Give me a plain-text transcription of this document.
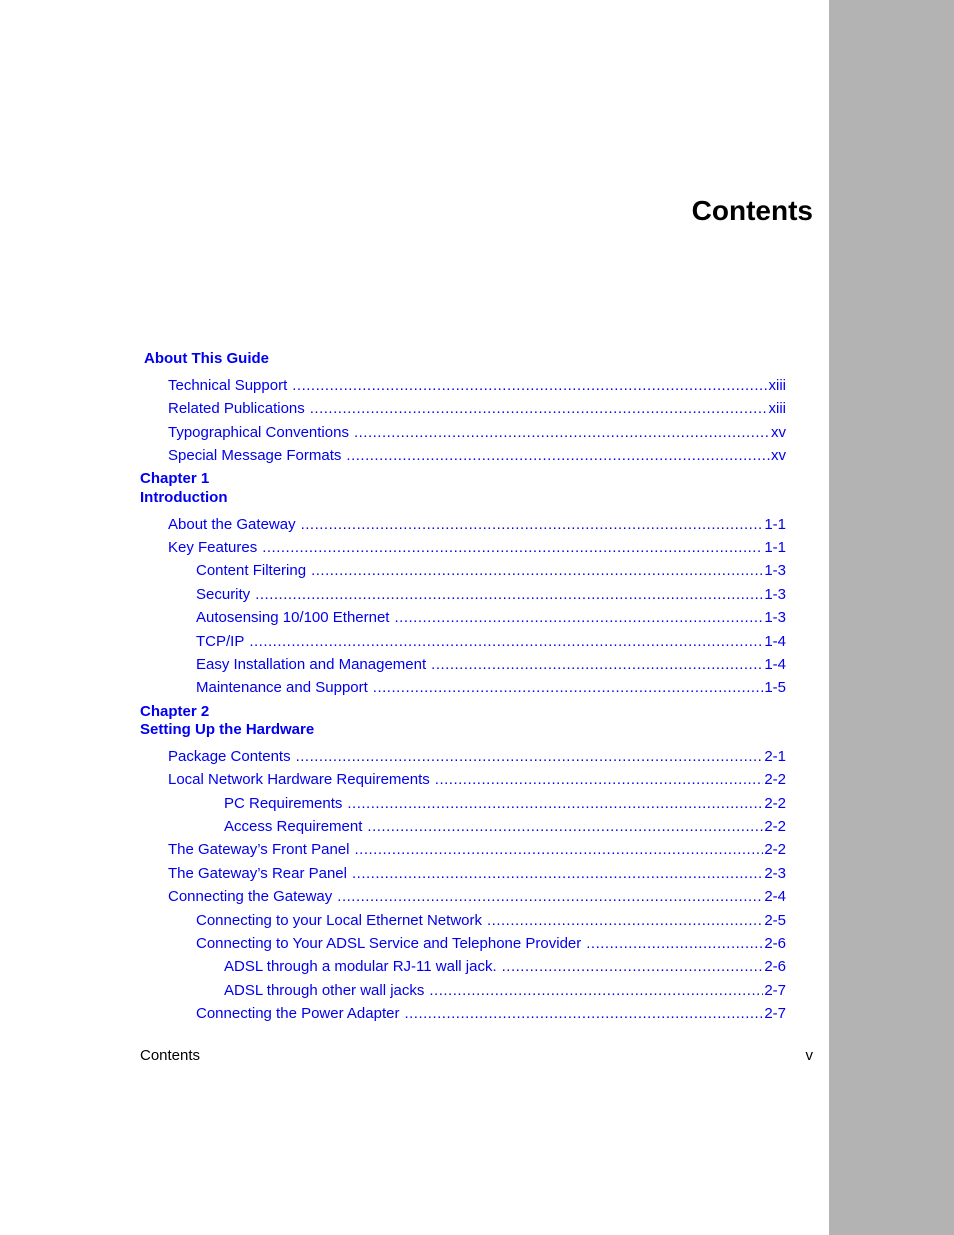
Contents
About This Guide
Technical Support .....	xiii
Related Publications .....	xiii
Typographical Conventions .....	xv
Special Message Formats .....	xv
Chapter 1
Introduction
About the Gateway .....	1-1
Key Features .....	1-1
Content Filtering .....	1-3
Security .....	1-3
Autosensing 10/100 Ethernet .....	1-3
TCP/IP .....	1-4
Easy Installation and Management .....	1-4
Maintenance and Support .....	1-5
Chapter 2
Setting Up the Hardware
Package Contents .....	2-1
Local Network Hardware Requirements .....	2-2
PC Requirements .....	2-2
Access Requirement .....	2-2
The Gateway’s Front Panel .....	2-2
The Gateway’s Rear Panel .....	2-3
Connecting the Gateway .....	2-4
Connecting to your Local Ethernet Network .....	2-5
Connecting to Your ADSL Service and Telephone Provider .....	2-6
ADSL through a modular RJ-11 wall jack. .....	2-6
ADSL through other wall jacks .....	2-7
Connecting the Power Adapter .....	2-7
Contents	v
